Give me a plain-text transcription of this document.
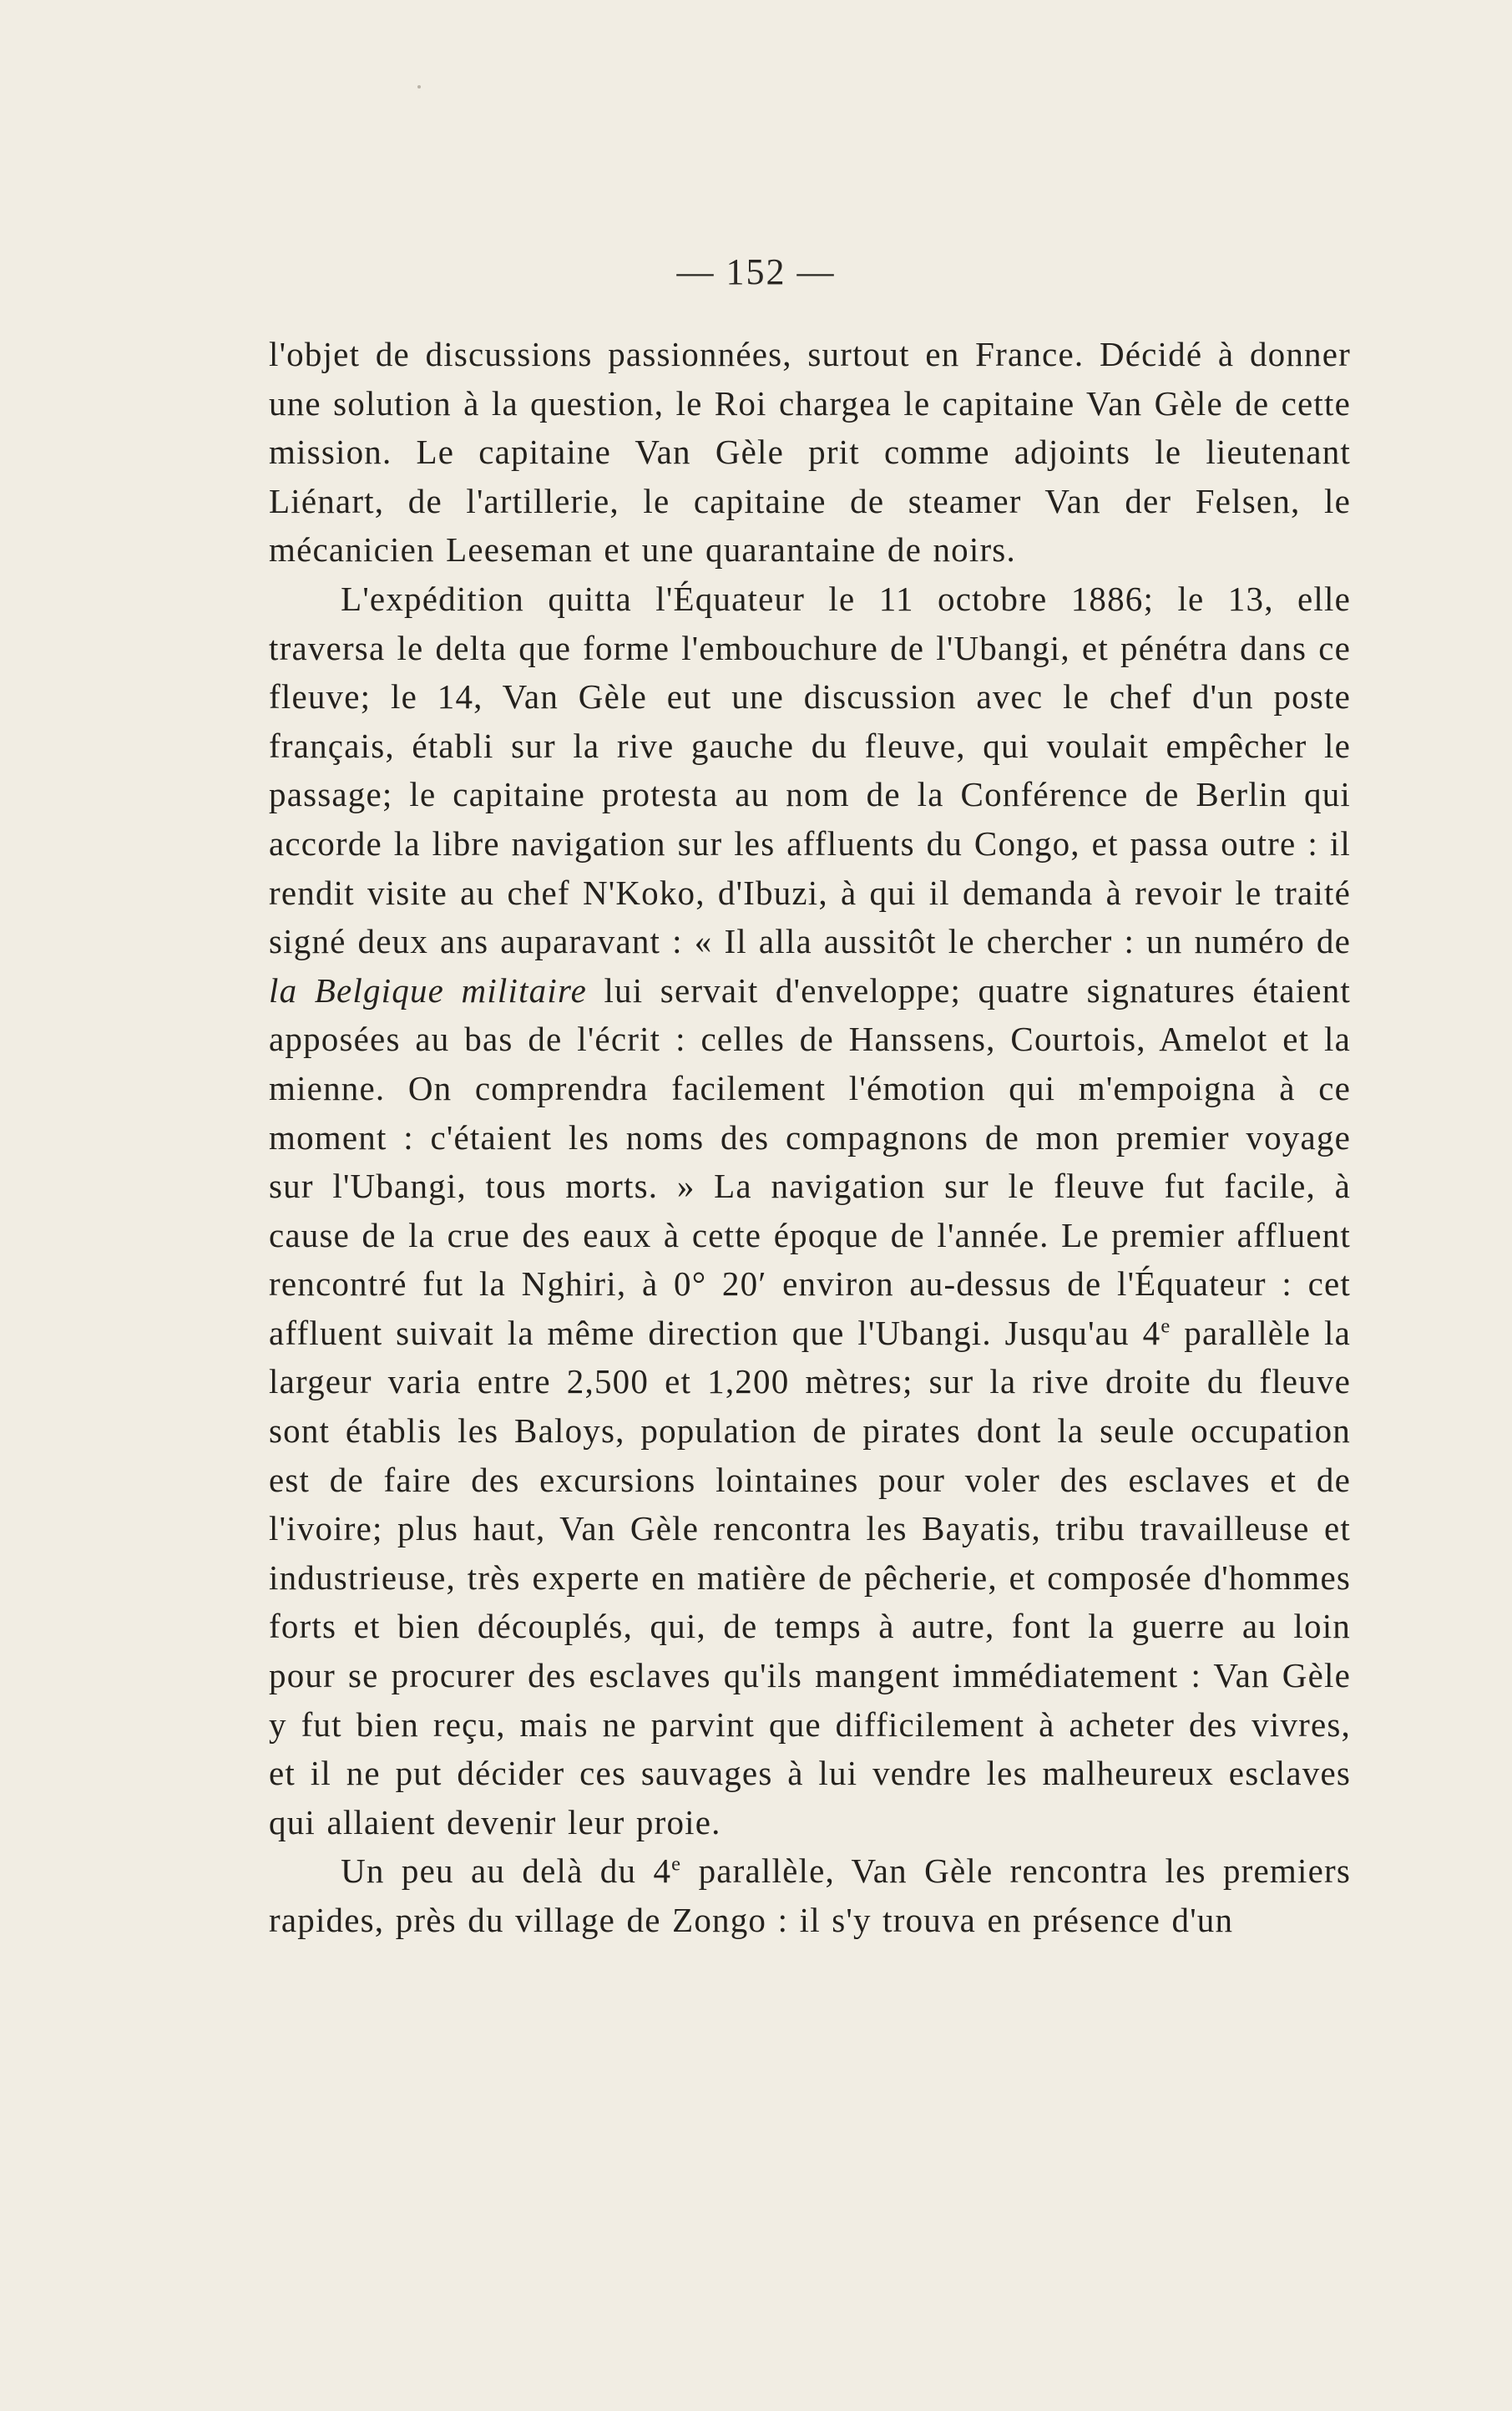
— 152 —

l'objet de discussions passionnées, surtout en France. Décidé à donner une solution à la question, le Roi chargea le capitaine Van Gèle de cette mission. Le capitaine Van Gèle prit comme adjoints le lieutenant Liénart, de l'artillerie, le capitaine de steamer Van der Felsen, le mécanicien Leeseman et une quarantaine de noirs.

L'expédition quitta l'Équateur le 11 octobre 1886; le 13, elle traversa le delta que forme l'embouchure de l'Ubangi, et pénétra dans ce fleuve; le 14, Van Gèle eut une discussion avec le chef d'un poste français, établi sur la rive gauche du fleuve, qui voulait empêcher le passage; le capitaine protesta au nom de la Conférence de Berlin qui accorde la libre navigation sur les affluents du Congo, et passa outre : il rendit visite au chef N'Koko, d'Ibuzi, à qui il demanda à revoir le traité signé deux ans auparavant : « Il alla aussitôt le chercher : un numéro de la Belgique militaire lui servait d'enveloppe; quatre signatures étaient apposées au bas de l'écrit : celles de Hanssens, Courtois, Amelot et la mienne. On comprendra facilement l'émotion qui m'empoigna à ce moment : c'étaient les noms des compagnons de mon premier voyage sur l'Ubangi, tous morts. » La navigation sur le fleuve fut facile, à cause de la crue des eaux à cette époque de l'année. Le premier affluent rencontré fut la Nghiri, à 0° 20′ environ au-dessus de l'Équateur : cet affluent suivait la même direction que l'Ubangi. Jusqu'au 4e parallèle la largeur varia entre 2,500 et 1,200 mètres; sur la rive droite du fleuve sont établis les Baloys, population de pirates dont la seule occupation est de faire des excursions lointaines pour voler des esclaves et de l'ivoire; plus haut, Van Gèle rencontra les Bayatis, tribu travailleuse et industrieuse, très experte en matière de pêcherie, et composée d'hommes forts et bien découplés, qui, de temps à autre, font la guerre au loin pour se procurer des esclaves qu'ils mangent immédiatement : Van Gèle y fut bien reçu, mais ne parvint que difficilement à acheter des vivres, et il ne put décider ces sauvages à lui vendre les malheureux esclaves qui allaient devenir leur proie.

Un peu au delà du 4e parallèle, Van Gèle rencontra les premiers rapides, près du village de Zongo : il s'y trouva en présence d'un
